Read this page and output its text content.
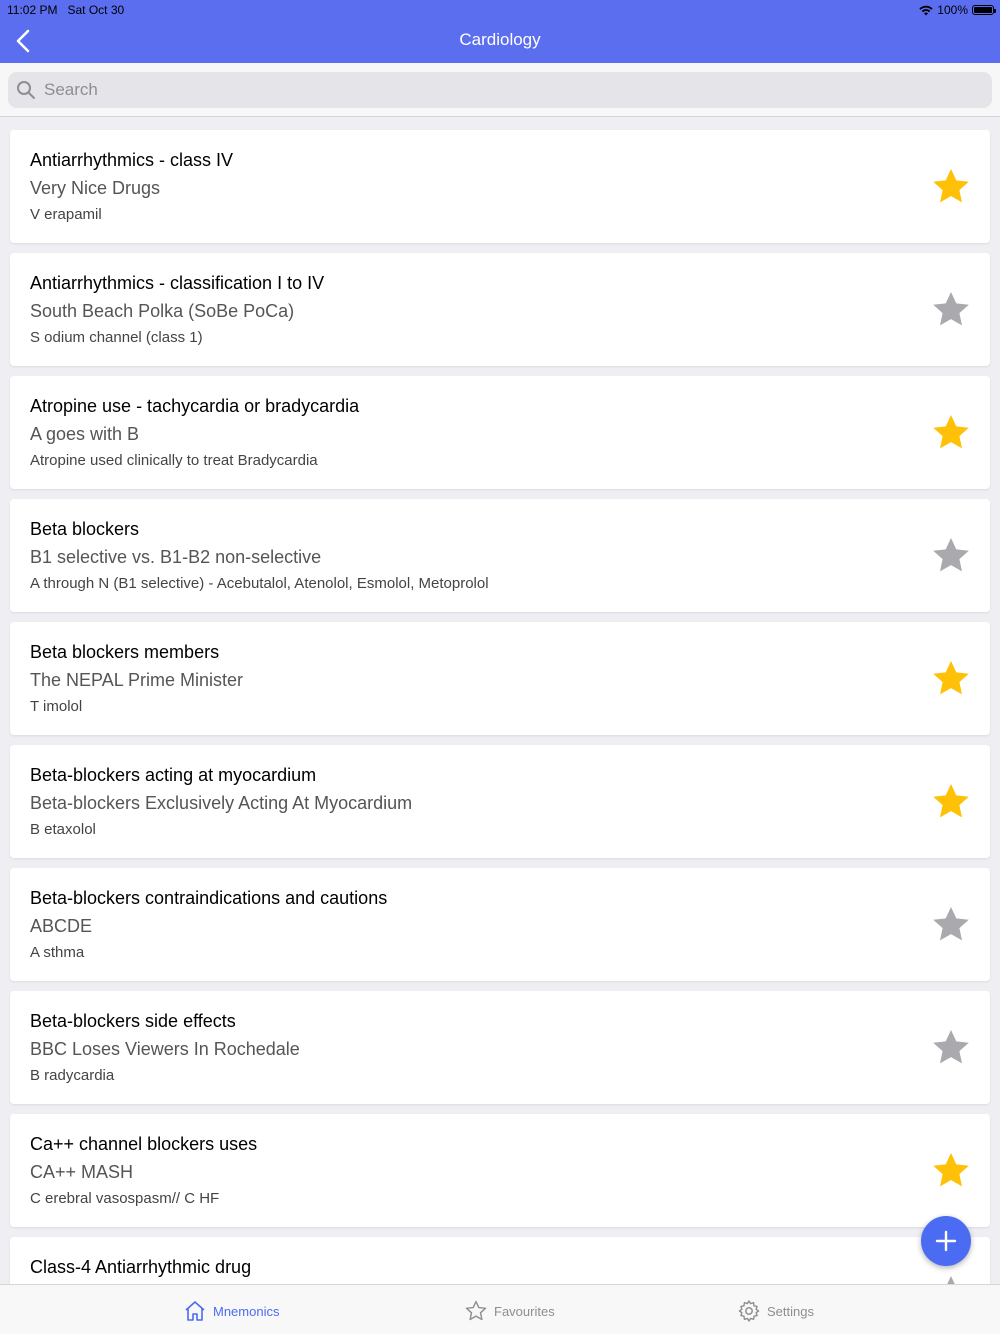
11:02 PM Sat Oct 30	100%
Cardiology
Search
Antiarrhythmics - class IV
Very Nice Drugs
V erapamil
Antiarrhythmics - classification I to IV
South Beach Polka (SoBe PoCa)
S odium channel (class 1)
Atropine use - tachycardia or bradycardia
A goes with B
Atropine used clinically to treat Bradycardia
Beta blockers
B1 selective vs. B1-B2 non-selective
A through N (B1 selective) - Acebutalol, Atenolol, Esmolol, Metoprolol
Beta blockers members
The NEPAL Prime Minister
T imolol
Beta-blockers acting at myocardium
Beta-blockers Exclusively Acting At Myocardium
B etaxolol
Beta-blockers contraindications and cautions
ABCDE
A sthma
Beta-blockers side effects
BBC Loses Viewers In Rochedale
B radycardia
Ca++ channel blockers uses
CA++ MASH
C erebral vasospasm// C HF
Class-4 Antiarrhythmic drug
Mnemonics	Favourites	Settings
